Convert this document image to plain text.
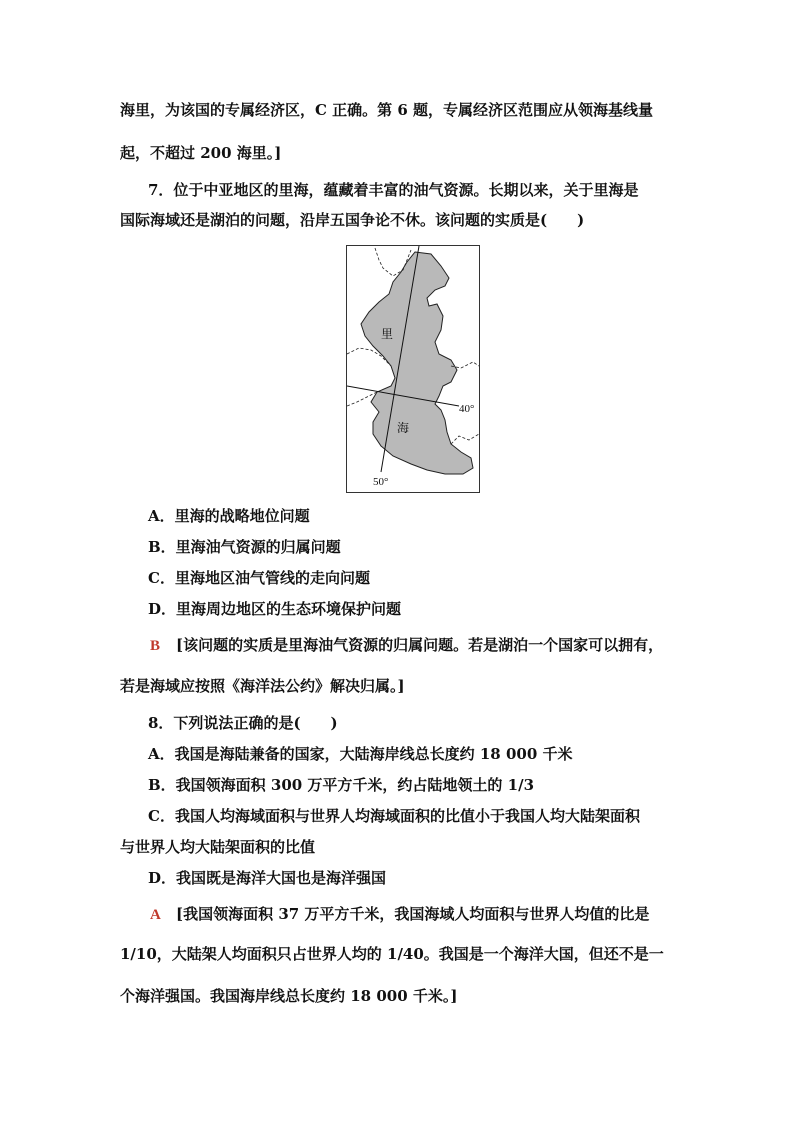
海里，为该国的专属经济区，C 正确。第 6 题，专属经济区范围应从领海基线量
起，不超过 200 海里。]
7．位于中亚地区的里海，蕴藏着丰富的油气资源。长期以来，关于里海是
国际海域还是湖泊的问题，沿岸五国争论不休。该问题的实质是(　　)
里
海
40°
50°
A．里海的战略地位问题
B．里海油气资源的归属问题
C．里海地区油气管线的走向问题
D．里海周边地区的生态环境保护问题
B [该问题的实质是里海油气资源的归属问题。若是湖泊一个国家可以拥有，
若是海域应按照《海洋法公约》解决归属。]
8．下列说法正确的是(　　)
A．我国是海陆兼备的国家，大陆海岸线总长度约 18 000 千米
B．我国领海面积 300 万平方千米，约占陆地领土的 1/3
C．我国人均海域面积与世界人均海域面积的比值小于我国人均大陆架面积
与世界人均大陆架面积的比值
D．我国既是海洋大国也是海洋强国
A [我国领海面积 37 万平方千米，我国海域人均面积与世界人均值的比是
1/10，大陆架人均面积只占世界人均的 1/40。我国是一个海洋大国，但还不是一
个海洋强国。我国海岸线总长度约 18 000 千米。]
